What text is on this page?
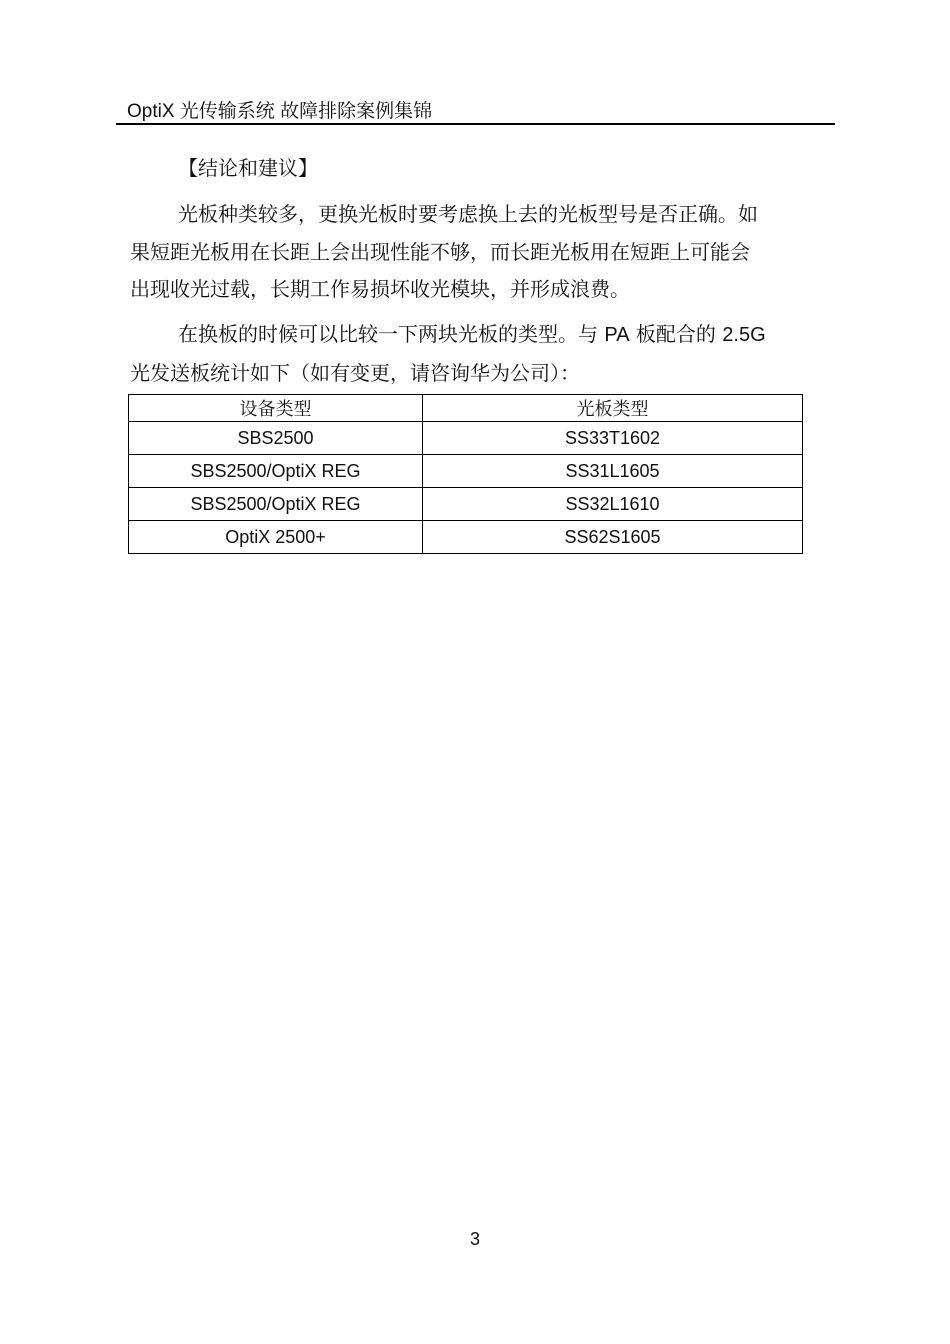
OptiX 光传输系统 故障排除案例集锦
【结论和建议】

光板种类较多，更换光板时要考虑换上去的光板型号是否正确。如
果短距光板用在长距上会出现性能不够，而长距光板用在短距上可能会
出现收光过载，长期工作易损坏收光模块，并形成浪费。

在换板的时候可以比较一下两块光板的类型。与 PA 板配合的 2.5G
光发送板统计如下（如有变更，请咨询华为公司）：

设备类型	光板类型
SBS2500	SS33T1602
SBS2500/OptiX REG	SS31L1605
SBS2500/OptiX REG	SS32L1610
OptiX 2500+	SS62S1605
3
